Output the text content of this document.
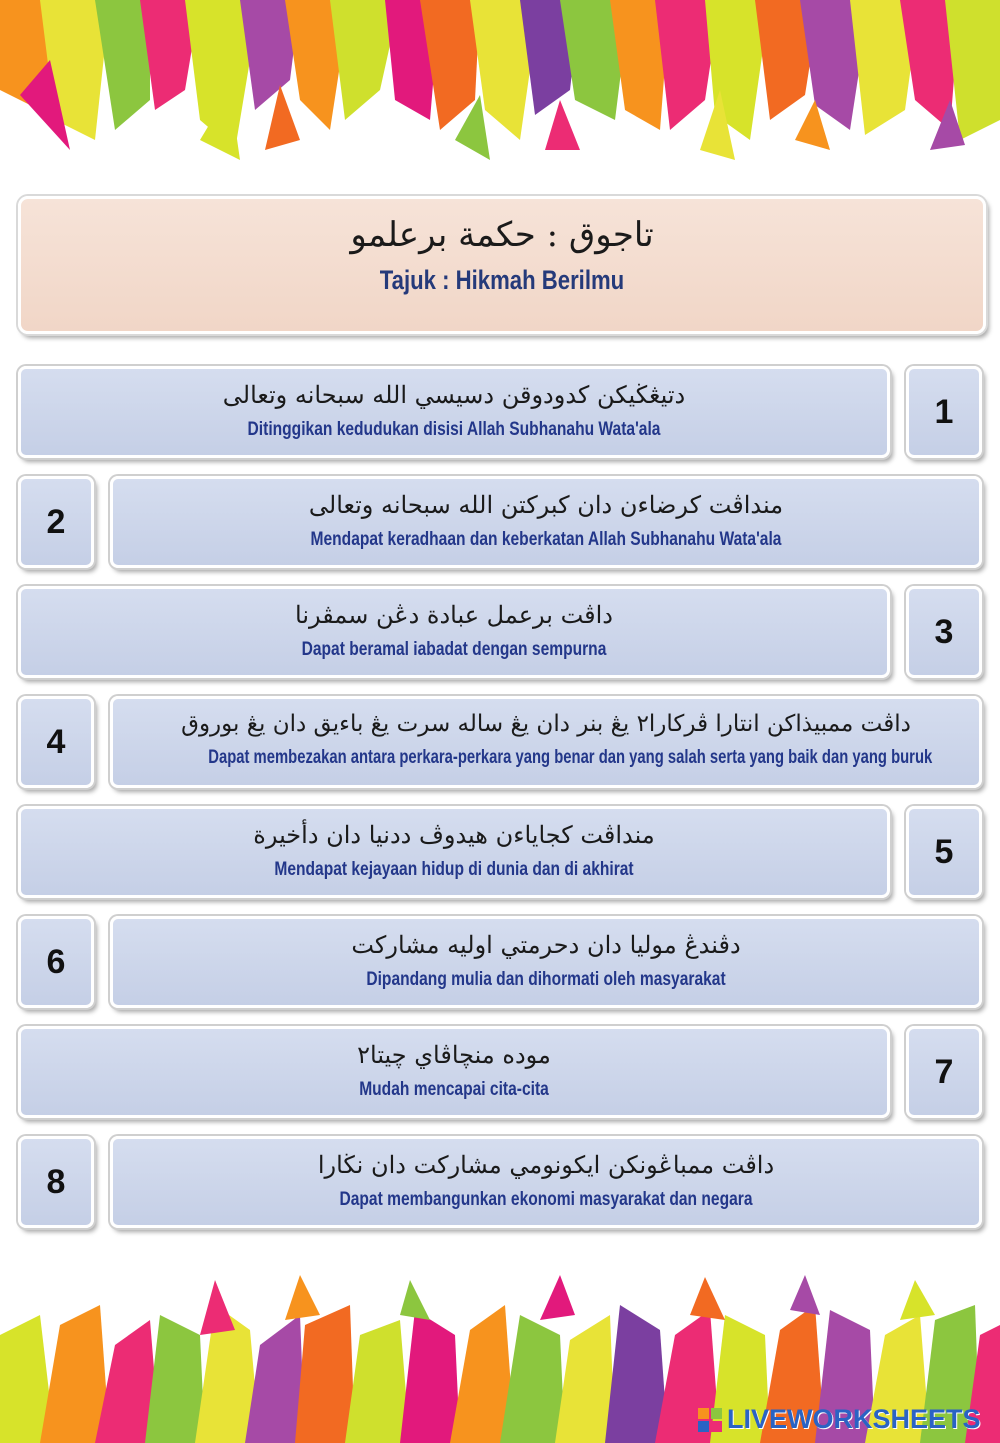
تاجوق : حكمة برعلمو
Tajuk : Hikmah Berilmu
دتيڠڬيكن كدودوقن دسيسي الله سبحانه وتعالى
Ditinggikan kedudukan disisi Allah Subhanahu Wata'ala	1
2	منداڤت كرضاءن دان كبركتن الله سبحانه وتعالى
Mendapat keradhaan dan keberkatan Allah Subhanahu Wata'ala
داڤت برعمل عبادة دڠن سمڤرنا
Dapat beramal iabadat dengan sempurna	3
4	داڤت ممبيذاكن انتارا ڤركارا٢ يڠ بنر دان يڠ ساله سرت يڠ باءيق دان يڠ بوروق
Dapat membezakan antara perkara-perkara yang benar dan yang salah serta yang baik dan yang buruk
منداڤت كجاياءن هيدوڤ ددنيا دان دأخيرة
Mendapat kejayaan hidup di dunia dan di akhirat	5
6	دڤندڠ موليا دان دحرمتي اوليه مشاركت
Dipandang mulia dan dihormati oleh masyarakat
موده منچاڤاي چيتا٢
Mudah mencapai cita-cita	7
8	داڤت ممباڠونكن ايكونومي مشاركت دان نڬارا
Dapat membangunkan ekonomi masyarakat dan negara
LIVEWORKSHEETS
